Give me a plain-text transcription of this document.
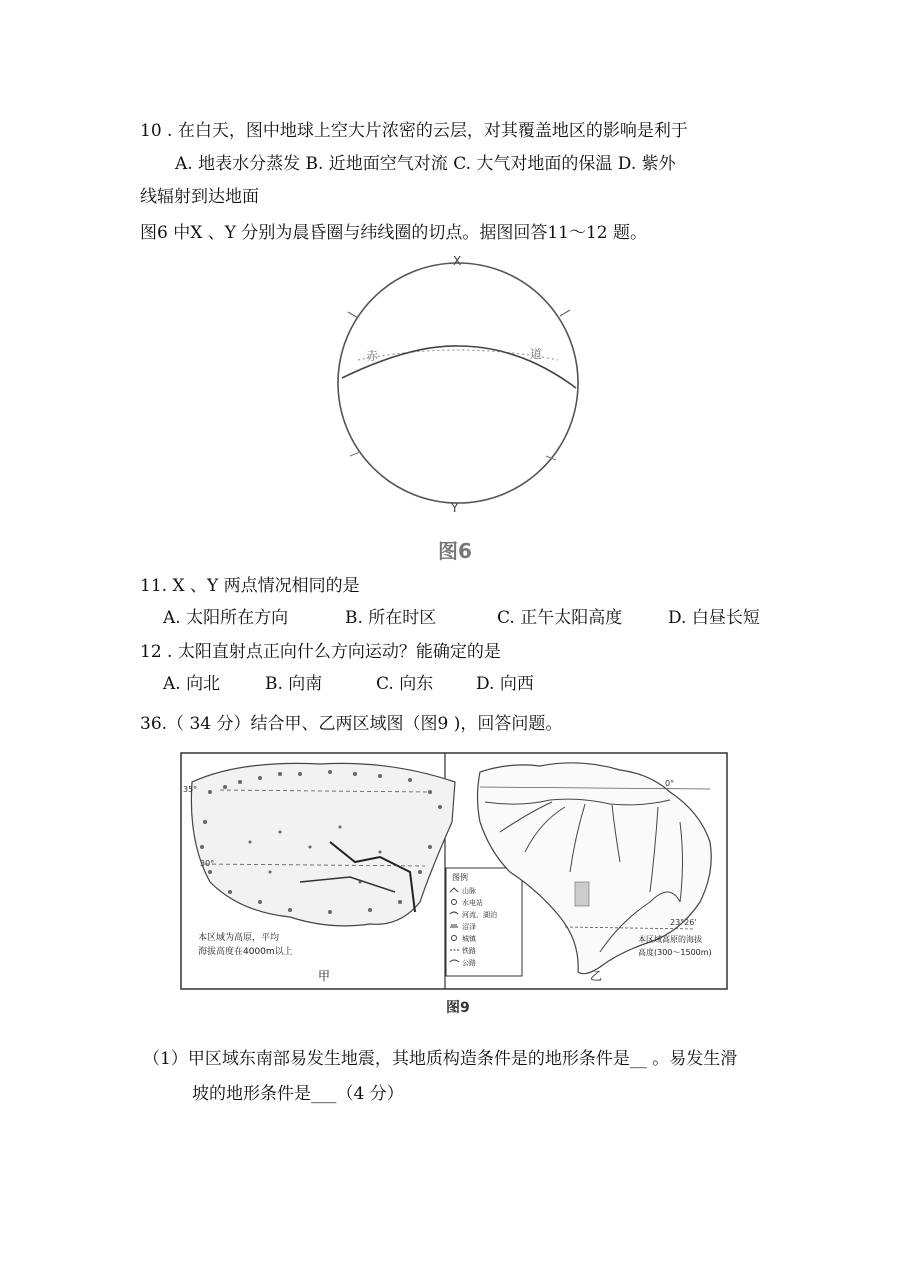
10 . 在白天，图中地球上空大片浓密的云层，对其覆盖地区的影响是利于
A. 地表水分蒸发 B. 近地面空气对流 C. 大气对地面的保温 D. 紫外
线辐射到达地面
图6 中X 、Y 分别为晨昏圈与纬线圈的切点。据图回答11～12 题。
X
Y
赤	道
图6
11. X 、Y 两点情况相同的是
A. 太阳所在方向	B. 所在时区	C. 正午太阳高度	D. 白昼长短
12 . 太阳直射点正向什么方向运动？能确定的是
A. 向北	B. 向南	C. 向东	D. 向西
36.（ 34 分）结合甲、乙两区域图（图9 )，回答问题。
35°
30°
本区域为高原，平均
海拔高度在4000m以上
甲
图例
山脉
水电站
河流、湖泊
沼泽
城镇
铁路
公路
0°
23°26'
本区域高原的海拔
高度(300～1500m)
乙
图9
（1）甲区域东南部易发生地震，其地质构造条件是的地形条件是__ 。易发生滑
坡的地形条件是___（4 分）
